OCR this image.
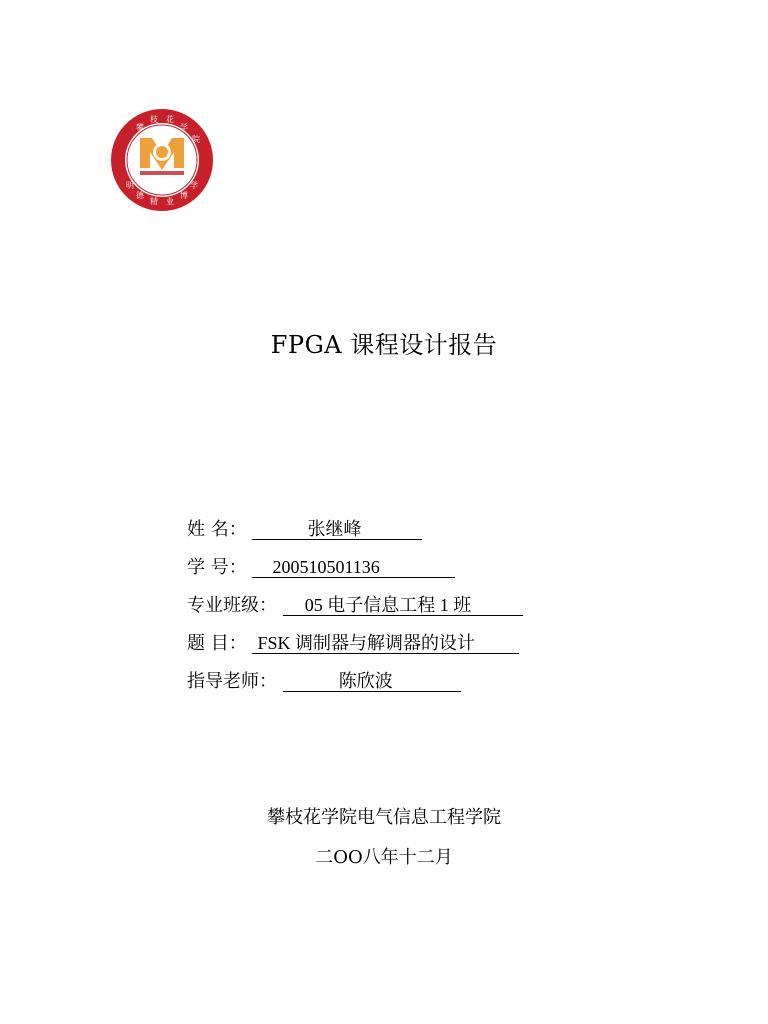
攀
枝 花
学
院
明
德
精 业
博
学
FPGA 课程设计报告
姓 名：	张继峰
学 号： 200510501136
专业班级： 05 电子信息工程 1 班
题 目： FSK 调制器与解调器的设计
指导老师：	陈欣波
攀枝花学院电气信息工程学院
二OO八年十二月
